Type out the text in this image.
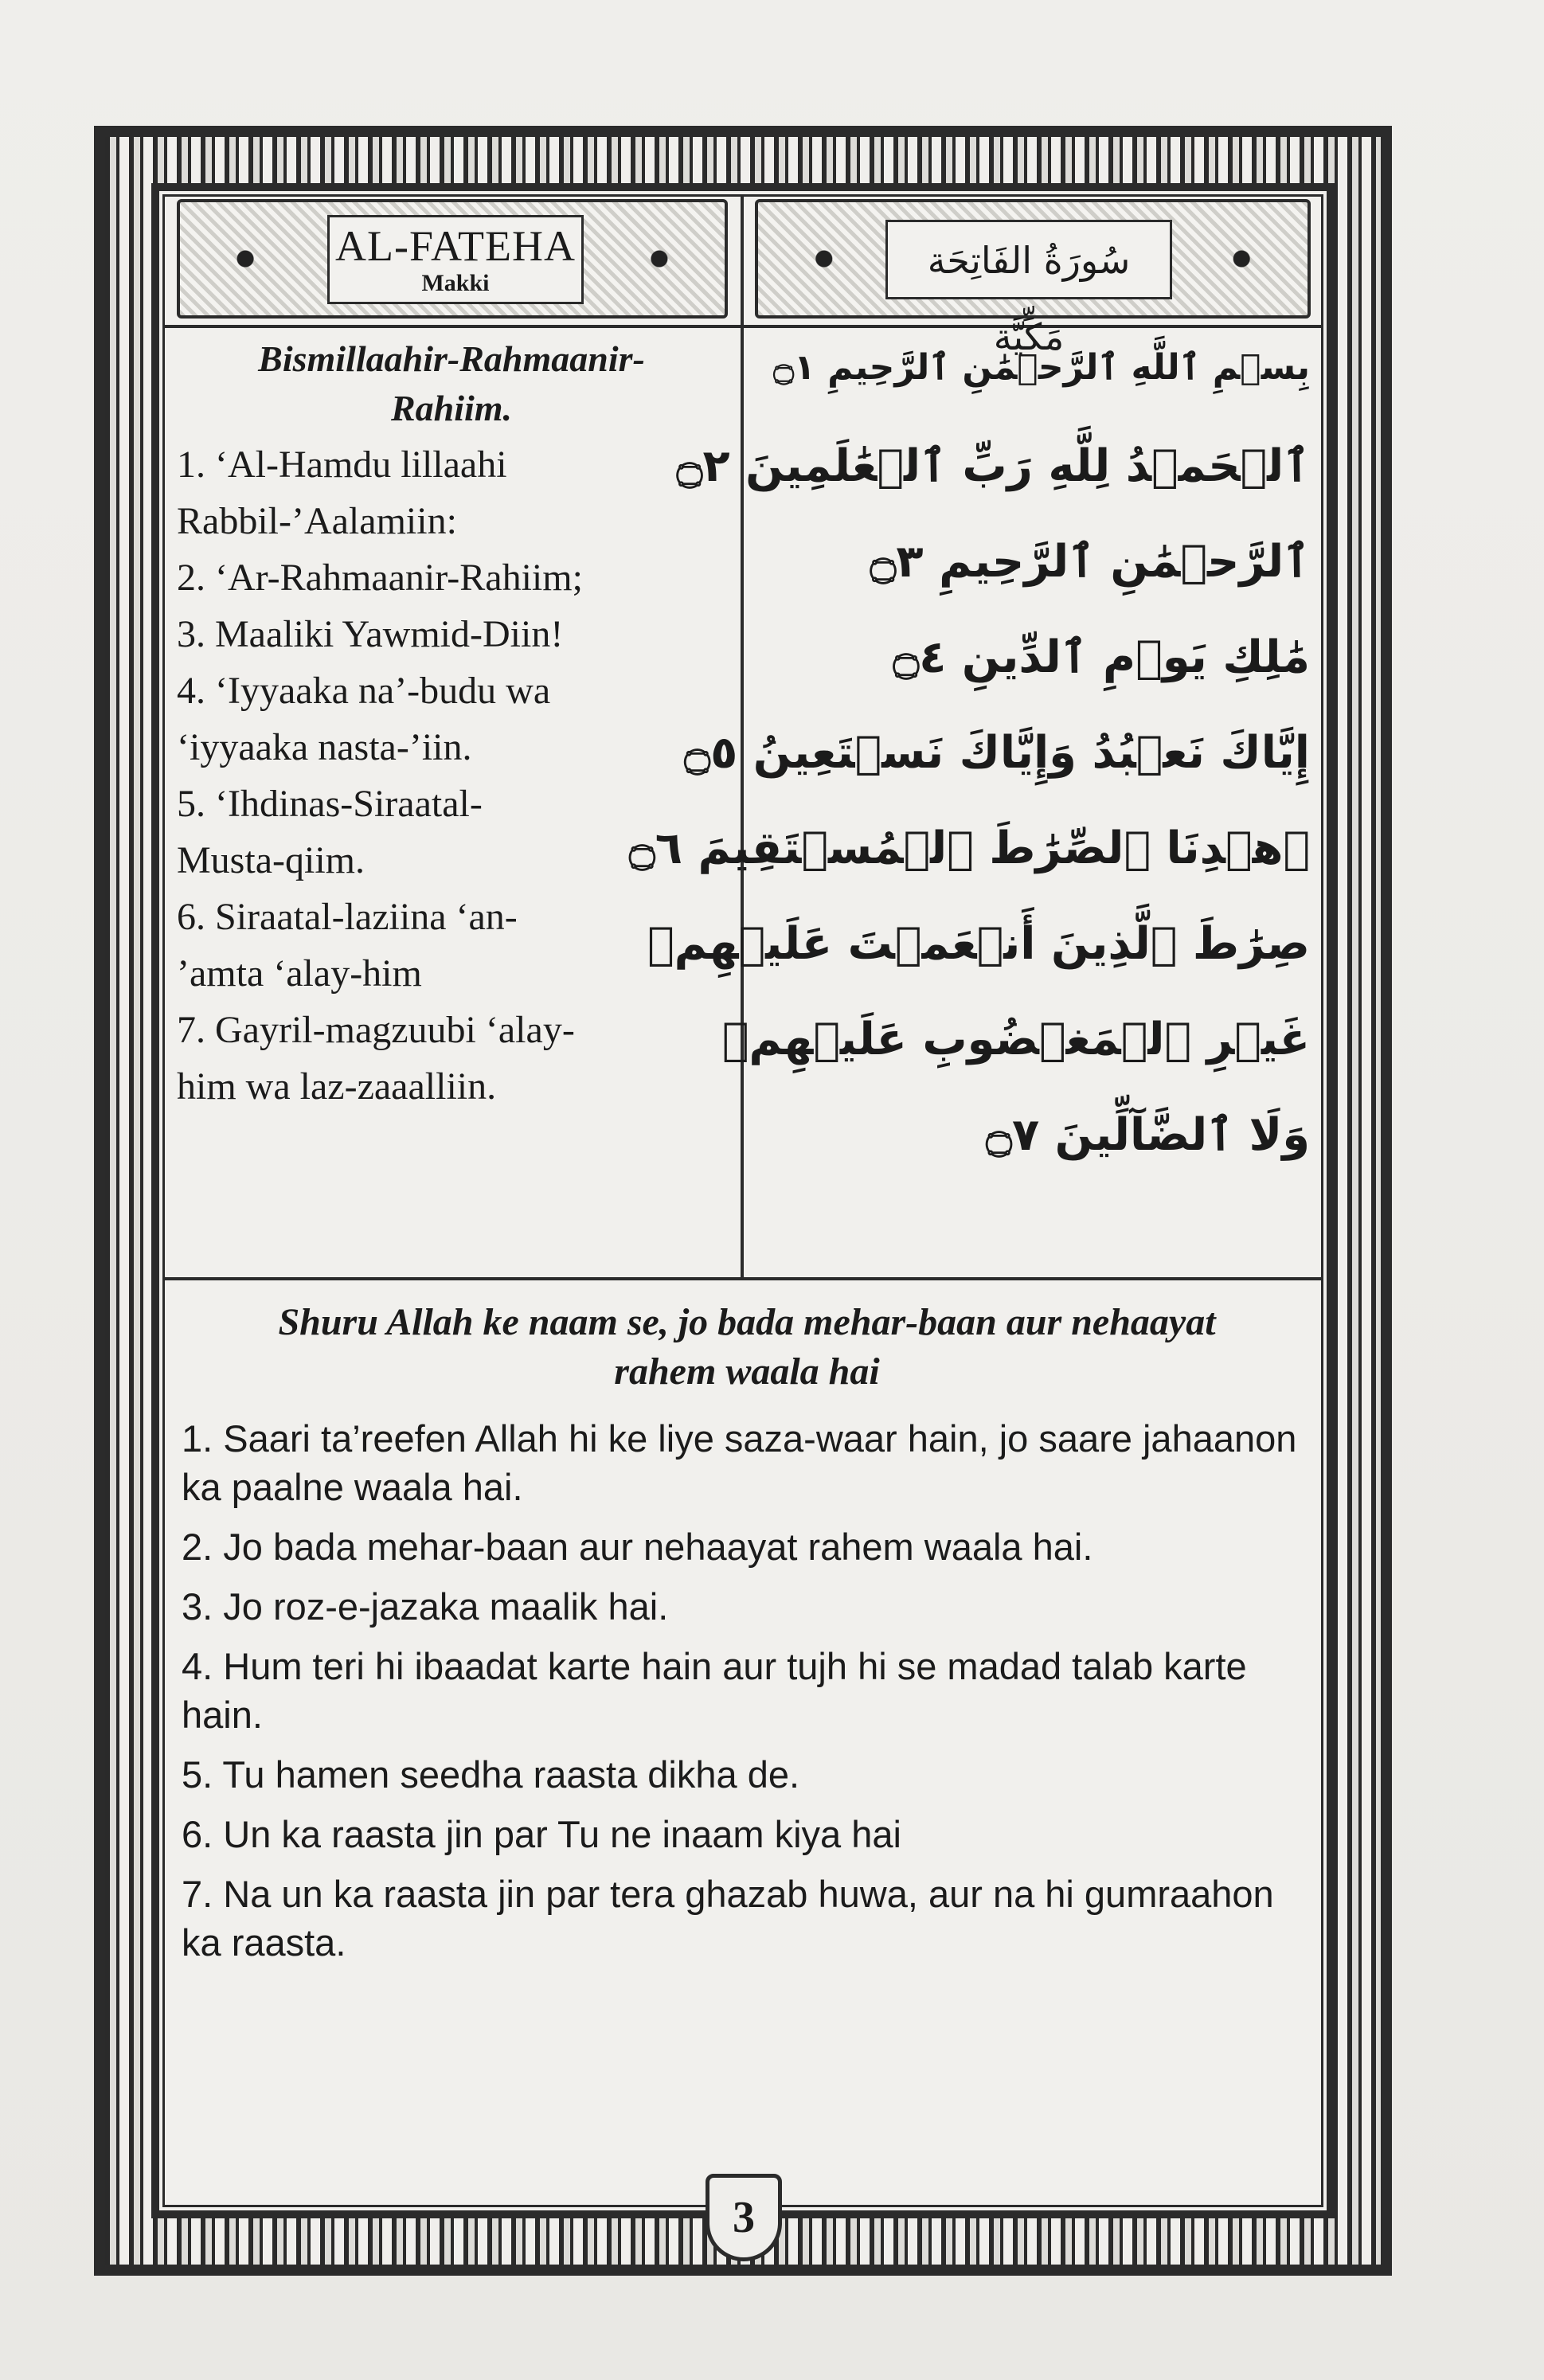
AL-FATEHA
Makki
سُورَةُ الفَاتِحَة مَكِّيَّة

Bismillaahir-Rahmaanir-
Rahiim.

1. ‘Al-Hamdu lillaahi

Rabbil-’Aalamiin:

2. ‘Ar-Rahmaanir-Rahiim;

3. Maaliki Yawmid-Diin!

4. ‘Iyyaaka na’-budu wa

‘iyyaaka nasta-’iin.

5. ‘Ihdinas-Siraatal-

Musta-qiim.

6. Siraatal-laziina ‘an-

’amta ‘alay-him

7. Gayril-magzuubi ‘alay-

him wa laz-zaaalliin.

بِسۡمِ ٱللَّهِ ٱلرَّحۡمَٰنِ ٱلرَّحِيمِ ۝١

ٱلۡحَمۡدُ لِلَّهِ رَبِّ ٱلۡعَٰلَمِينَ ۝٢

ٱلرَّحۡمَٰنِ ٱلرَّحِيمِ ۝٣

مَٰلِكِ يَوۡمِ ٱلدِّينِ ۝٤

إِيَّاكَ نَعۡبُدُ وَإِيَّاكَ نَسۡتَعِينُ ۝٥

ٱهۡدِنَا ٱلصِّرَٰطَ ٱلۡمُسۡتَقِيمَ ۝٦

صِرَٰطَ ٱلَّذِينَ أَنۡعَمۡتَ عَلَيۡهِمۡ

غَيۡرِ ٱلۡمَغۡضُوبِ عَلَيۡهِمۡ

وَلَا ٱلضَّآلِّينَ ۝٧

Shuru Allah ke naam se, jo bada mehar-baan aur nehaayat rahem waala hai

1. Saari ta’reefen Allah hi ke liye saza-waar hain, jo saare jahaanon ka paalne waala hai.

2. Jo bada mehar-baan aur nehaayat rahem waala hai.

3. Jo roz-e-jazaka maalik hai.

4. Hum teri hi ibaadat karte hain aur tujh hi se madad talab karte hain.

5. Tu hamen seedha raasta dikha de.

6. Un ka raasta jin par Tu ne inaam kiya hai

7. Na un ka raasta jin par tera ghazab huwa, aur na hi gumraahon ka raasta.

3
